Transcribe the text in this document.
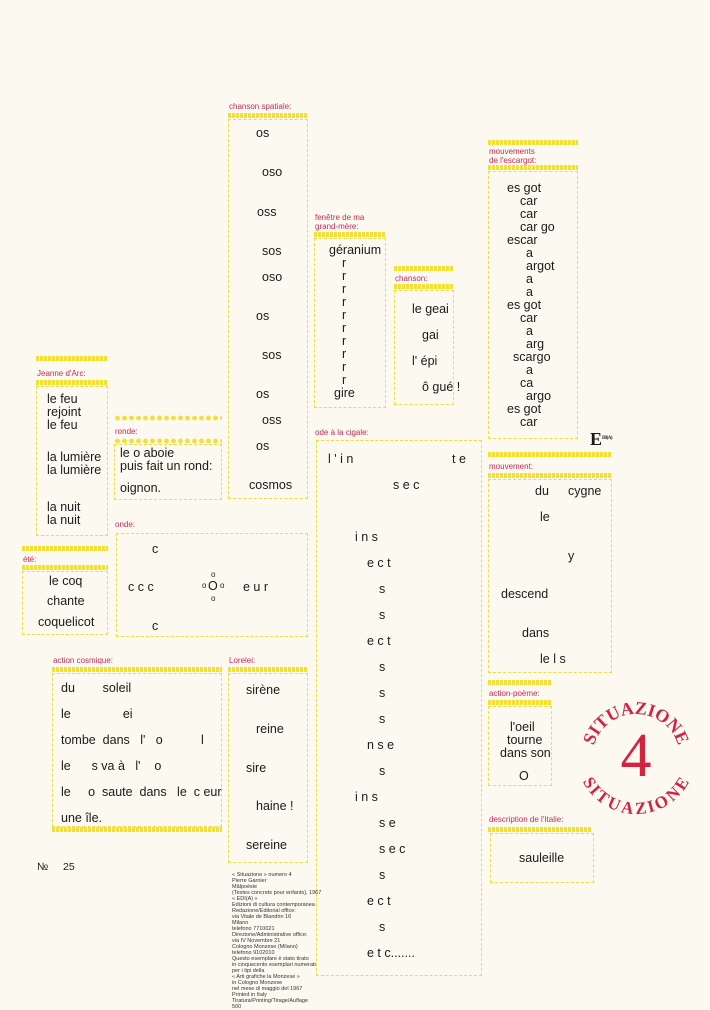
chanson spatiale:
os
oso
oss
sos
oso
os
sos
os
oss
os
cosmos
fenêtre de ma
grand-mère:
géranium
r
r
r
r
r
r
r
r
r
r
gire
chanson:
le geai
gai
l' épi
ô gué !
mouvements
de l'escargot:
es got
car
car
car go
escar
a
argot
a
a
es got
car
a
arg
scargo
a
ca
argo
es got
car
$E^{DI(A)}$
Jeanne d'Arc:
le feu
rejoint
le feu
la lumière
la lumière
la nuit
la nuit
ronde:
le o aboie
puis fait un rond:
oignon.
ode à la cigale:
l ' i n	t e
s e c
i n s
e c t
s
s
e c t
s
s
s
n s e
s
i n s
s e
s e c
s
e c t
s
e t c.......
mouvement:
du cygne
le
y
descend
dans
le l s
onde:
c
c c c
o
o O o
o
e u r
c
été:
le coq
chante
coquelicot
action cosmique:
du        soleil
le               ei
tombe  dans   l'   o           l
le      s va à   l'    o
le     o  saute  dans   le  c eur
une île.
Lorelei:
sirène
reine
sire
haine !
sereine
action-poème:
l'oeil
tourne
dans son
O
SITUAZIONE
SITUAZIONE
4
description de l'Italie:
sauleille
№ 25
« Situazione » numero 4
Pierre Garnier
Mâlpoèsie
(Textes concrets pour enfants), 1967
« EDI(A) »
Edizioni di cultura contemporanea
Redazione/Editorial office:
via Vitale de Blandrin 16
Milano
telefono 7710021
Direzione/Administrative office:
via IV Novembre 21
Cologno Monzese (Milano)
telefono 9102010
Questo esemplare è stato tirato
in cinquecento esemplari numerati
per i tipi della
« Arti grafiche la Monzese »
in Cologno Monzese
nel mese di maggio del 1967
Printed in Italy
Tiratura/Printing/Tirage/Auflage
500
